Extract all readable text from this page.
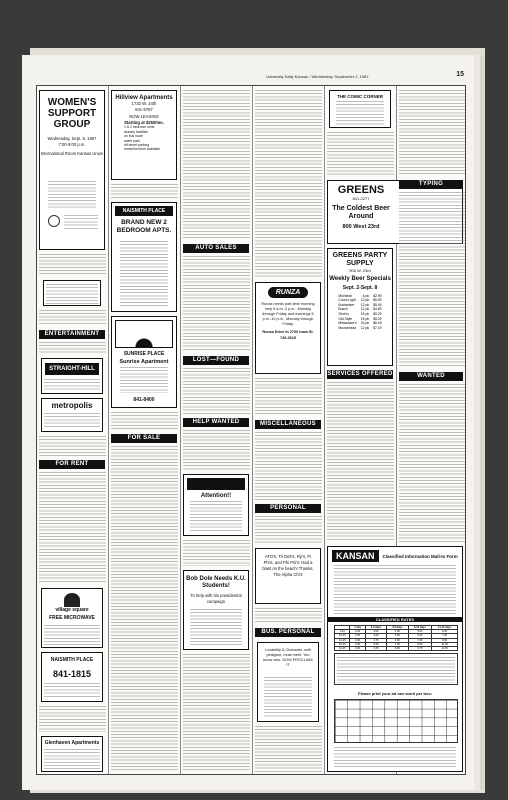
University Daily Kansan / Wednesday, September 2, 1987	15
WOMEN'S SUPPORT GROUP
Wednesday, Sept. 9, 1987
7:00-9:00 p.m.
International Room Kansas Union
ENTERTAINMENT
STRAIGHT-HILL
metropolis
FOR RENT
village square
FREE MICROWAVE
NAISMITH PLACE
841-1815
Glenhaven Apartments
Hillview Apartments
1733 W. 24th
841-5797
NOW LEASING
Starting at $250/mo.
1 & 2 bedroom units
laundry facilities
on bus route
water paid
off street parking
rental furniture available
NAISMITH PLACE
BRAND NEW 2 BEDROOM APTS.
SUNRISE PLACE
Sunrise Apartment
841-8400
FOR SALE
AUTO SALES
LOST—FOUND
HELP WANTED
Attention!!
Bob Dole Needs K.U. Students!
To help with his presidential campaign
RUNZA
Runza needs part-time morning help 9 a.m.-2 p.m., Monday through Friday and evenings 5 p.m.-10 p.m., Monday through Friday.
Runza Drive In 2700 Iowa St.
749-2615
MISCELLANEOUS
PERSONAL
ATO's, Tri Delt's, Fiji's, Pi Phi's, and Phi Psi's: Had a blast on the beach! Thanks, The Alpha Chi's
BUS. PERSONAL
Lovability & Character, with pedigree, must meet. You know who. NOW PROCLAIM IT
THE COMIC CORNER
GREENS
841-2277
The Coldest Beer Around
800 West 23rd
GREENS PARTY SUPPLY
908 W. 23rd
Weekly Beer Specials
Sept. 2-Sept. 8
Michelob	6 pk	$2.99
Coors Light	12 pk	$5.39
Budweiser	12 pk	$5.49
Busch	12 pk	$4.89
Stroh's	15 pk	$5.29
Old Style	15 pk	$5.29
Milwaukee's	24 pk	$6.49
Moosehead	12 pk	$7.19
SERVICES OFFERED
KANSAN	Classified Information Mail-In Form
CLASSIFIED RATES
	1 day	2-3 days	4-5 days	6-10 days	11-15 days
1-15	2.00	3.00	4.00	5.00	6.00
16-20	2.50	4.00	5.00	6.00	7.00
21-25	3.00	4.75	6.00	7.25	8.50
26-30	3.50	5.50	7.00	8.50	10.00
31-35	4.00	6.25	8.00	9.75	11.50
Please print your ad one word per box:
TYPING
WANTED
